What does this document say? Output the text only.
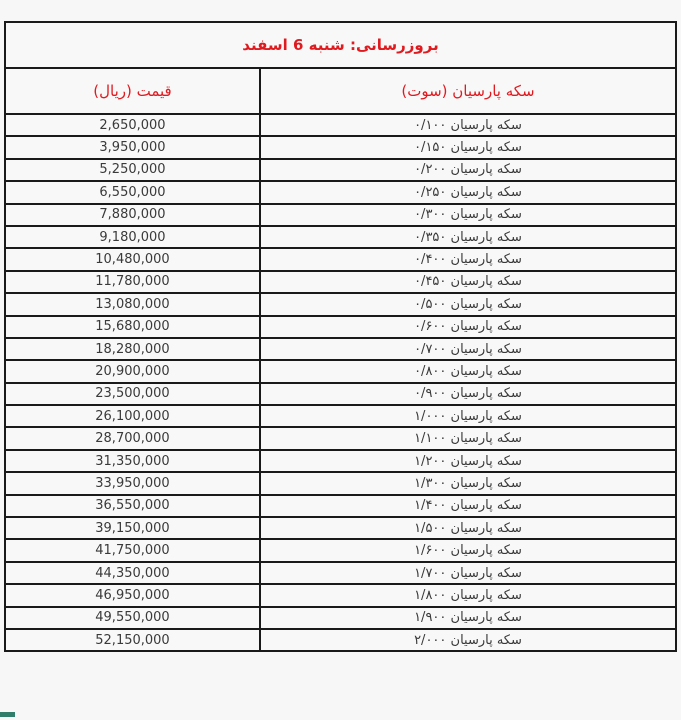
بروزرسانی: شنبه 6 اسفند	
سکه پارسیان (سوت)	قیمت (ریال)
سکه پارسیان ۰/۱۰۰	2,650,000
سکه پارسیان ۰/۱۵۰	3,950,000
سکه پارسیان ۰/۲۰۰	5,250,000
سکه پارسیان ۰/۲۵۰	6,550,000
سکه پارسیان ۰/۳۰۰	7,880,000
سکه پارسیان ۰/۳۵۰	9,180,000
سکه پارسیان ۰/۴۰۰	10,480,000
سکه پارسیان ۰/۴۵۰	11,780,000
سکه پارسیان ۰/۵۰۰	13,080,000
سکه پارسیان ۰/۶۰۰	15,680,000
سکه پارسیان ۰/۷۰۰	18,280,000
سکه پارسیان ۰/۸۰۰	20,900,000
سکه پارسیان ۰/۹۰۰	23,500,000
سکه پارسیان ۱/۰۰۰	26,100,000
سکه پارسیان ۱/۱۰۰	28,700,000
سکه پارسیان ۱/۲۰۰	31,350,000
سکه پارسیان ۱/۳۰۰	33,950,000
سکه پارسیان ۱/۴۰۰	36,550,000
سکه پارسیان ۱/۵۰۰	39,150,000
سکه پارسیان ۱/۶۰۰	41,750,000
سکه پارسیان ۱/۷۰۰	44,350,000
سکه پارسیان ۱/۸۰۰	46,950,000
سکه پارسیان ۱/۹۰۰	49,550,000
سکه پارسیان ۲/۰۰۰	52,150,000
